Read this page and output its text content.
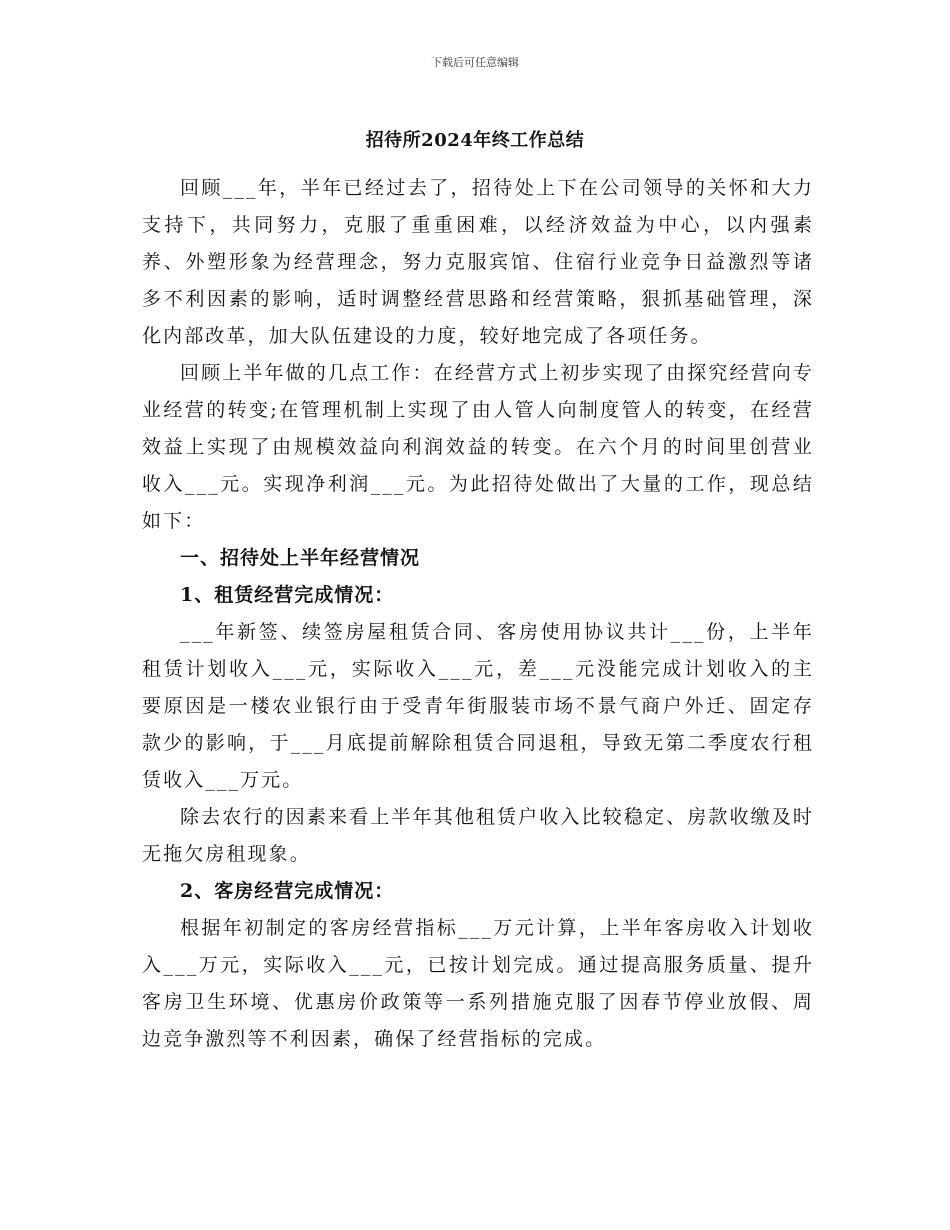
下载后可任意编辑
招待所2024年终工作总结

回顾___年，半年已经过去了，招待处上下在公司领导的关怀和大力支持下，共同努力，克服了重重困难，以经济效益为中心，以内强素养、外塑形象为经营理念，努力克服宾馆、住宿行业竞争日益激烈等诸多不利因素的影响，适时调整经营思路和经营策略，狠抓基础管理，深化内部改革，加大队伍建设的力度，较好地完成了各项任务。

回顾上半年做的几点工作：在经营方式上初步实现了由探究经营向专业经营的转变;在管理机制上实现了由人管人向制度管人的转变，在经营效益上实现了由规模效益向利润效益的转变。在六个月的时间里创营业收入___元。实现净利润___元。为此招待处做出了大量的工作，现总结如下：

一、招待处上半年经营情况

1、租赁经营完成情况：

___年新签、续签房屋租赁合同、客房使用协议共计___份，上半年租赁计划收入___元，实际收入___元，差___元没能完成计划收入的主要原因是一楼农业银行由于受青年街服装市场不景气商户外迁、固定存款少的影响，于___月底提前解除租赁合同退租，导致无第二季度农行租赁收入___万元。

除去农行的因素来看上半年其他租赁户收入比较稳定、房款收缴及时无拖欠房租现象。

2、客房经营完成情况：

根据年初制定的客房经营指标___万元计算，上半年客房收入计划收入___万元，实际收入___元，已按计划完成。通过提高服务质量、提升客房卫生环境、优惠房价政策等一系列措施克服了因春节停业放假、周边竞争激烈等不利因素，确保了经营指标的完成。
